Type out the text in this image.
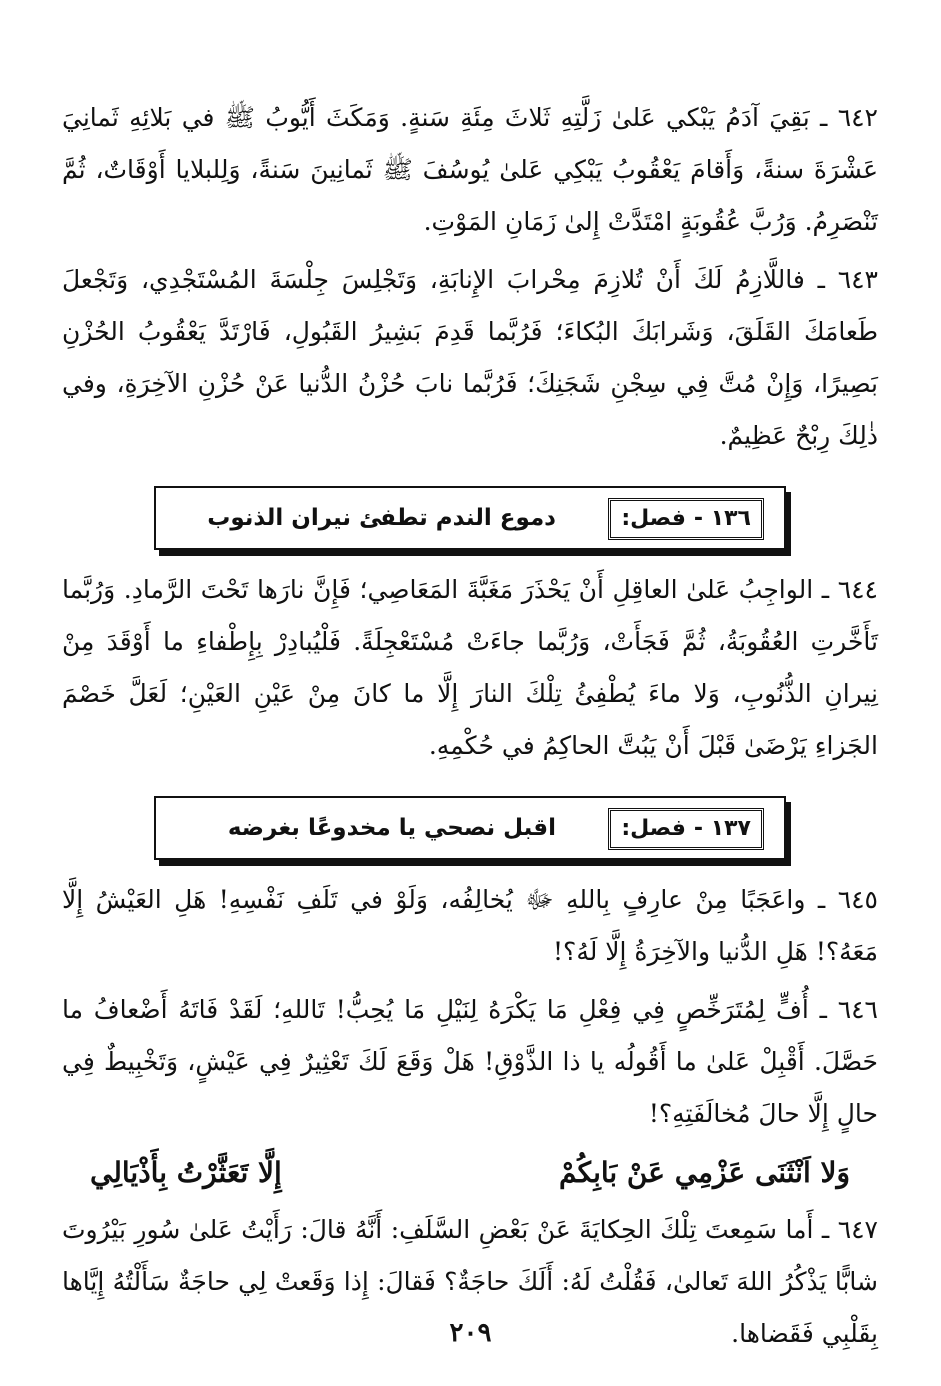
٦٤٢ ـ بَقِيَ آدَمُ يَبْكي عَلىٰ زَلَّتِهِ ثَلاثَ مِئَةِ سَنةٍ. وَمَكَثَ أَيُّوبُ ﷺ في بَلائِهِ ثَمانِيَ عَشْرَةَ سنةً، وَأَقامَ يَعْقُوبُ يَبْكِي عَلىٰ يُوسُفَ ﷺ ثَمانِينَ سَنةً، وَلِلبلايا أَوْقَاتٌ، ثُمَّ تَنْصَرِمُ. وَرُبَّ عُقُوبَةٍ امْتَدَّتْ إِلىٰ زَمَانِ المَوْتِ.

٦٤٣ ـ فاللَّازِمُ لَكَ أَنْ تُلازِمَ مِحْرابَ الإِنابَةِ، وَتَجْلِسَ جِلْسَةَ المُسْتَجْدِي، وَتَجْعلَ طَعامَكَ القَلَقَ، وَشَرابَكَ البُكاءَ؛ فَرُبَّما قَدِمَ بَشِيرُ القَبُولِ، فَارْتَدَّ يَعْقُوبُ الحُزْنِ بَصِيرًا، وَإِنْ مُتَّ فِي سِجْنِ شَجَنِكَ؛ فَرُبَّما نابَ حُزْنُ الدُّنيا عَنْ حُزْنِ الآخِرَةِ، وفي ذٰلِكَ رِبْحٌ عَظِيمٌ.

١٣٦ -
فصل:
دموع الندم تطفئ نيران الذنوب

٦٤٤ ـ الواجِبُ عَلىٰ العاقِلِ أَنْ يَحْذَرَ مَغَبَّةَ المَعَاصِي؛ فَإِنَّ نارَها تَحْتَ الرَّمادِ. وَرُبَّما تَأَخَّرتِ العُقُوبَةُ، ثُمَّ فَجَأَتْ، وَرُبَّما جاءَتْ مُسْتَعْجِلَةً. فَلْيُبادِرْ بِإِطْفاءِ ما أَوْقَدَ مِنْ نِيرانِ الذُّنُوبِ، وَلا ماءَ يُطْفِئُ تِلْكَ النارَ إِلَّا ما كانَ مِنْ عَيْنِ العَيْنِ؛ لَعَلَّ خَصْمَ الجَزاءِ يَرْضَىٰ قَبْلَ أَنْ يَبُتَّ الحاكِمُ في حُكْمِهِ.

١٣٧ -
فصل:
اقبل نصحي يا مخدوعًا بغرضه

٦٤٥ ـ واعَجَبًا مِنْ عارِفٍ بِاللهِ ﷻ يُخالِفُه، وَلَوْ في تَلَفِ نَفْسِهِ! هَلِ العَيْشُ إِلَّا مَعَهُ؟! هَلِ الدُّنيا والآخِرَةُ إِلَّا لَهُ؟!

٦٤٦ ـ أُفٍّ لِمُتَرَخِّصٍ فِي فِعْلِ مَا يَكْرَهُ لِنَيْلِ مَا يُحِبُّ! تَاللهِ؛ لَقَدْ فَاتَهُ أَضْعافُ ما حَصَّلَ. أَقْبِلْ عَلىٰ ما أَقُولُه يا ذا الذَّوْقِ! هَلْ وَقَعَ لَكَ تَعْثِيرٌ فِي عَيْشٍ، وَتَخْبِيطٌ فِي حالٍ إِلَّا حالَ مُخالَفَتِهِ؟!

وَلا اَنْثَنَى عَزْمِي عَنْ بَابِكُمْ
إِلَّا تَعَثَّرْتُ بِأَذْيَالِي

٦٤٧ ـ أَما سَمِعتَ تِلْكَ الحِكايَةَ عَنْ بَعْضِ السَّلَفِ: أَنَّهُ قالَ: رَأَيْتُ عَلىٰ سُورِ بَيْرُوتَ شابًّا يَذْكُرُ اللهَ تَعالىٰ، فَقُلْتُ لَهُ: أَلَكَ حاجَةٌ؟ فَقالَ: إِذا وَقَعتْ لِي حاجَةٌ سَأَلْتُهُ إِيَّاها بِقَلْبِي فَقَضاها.

٢٠٩
